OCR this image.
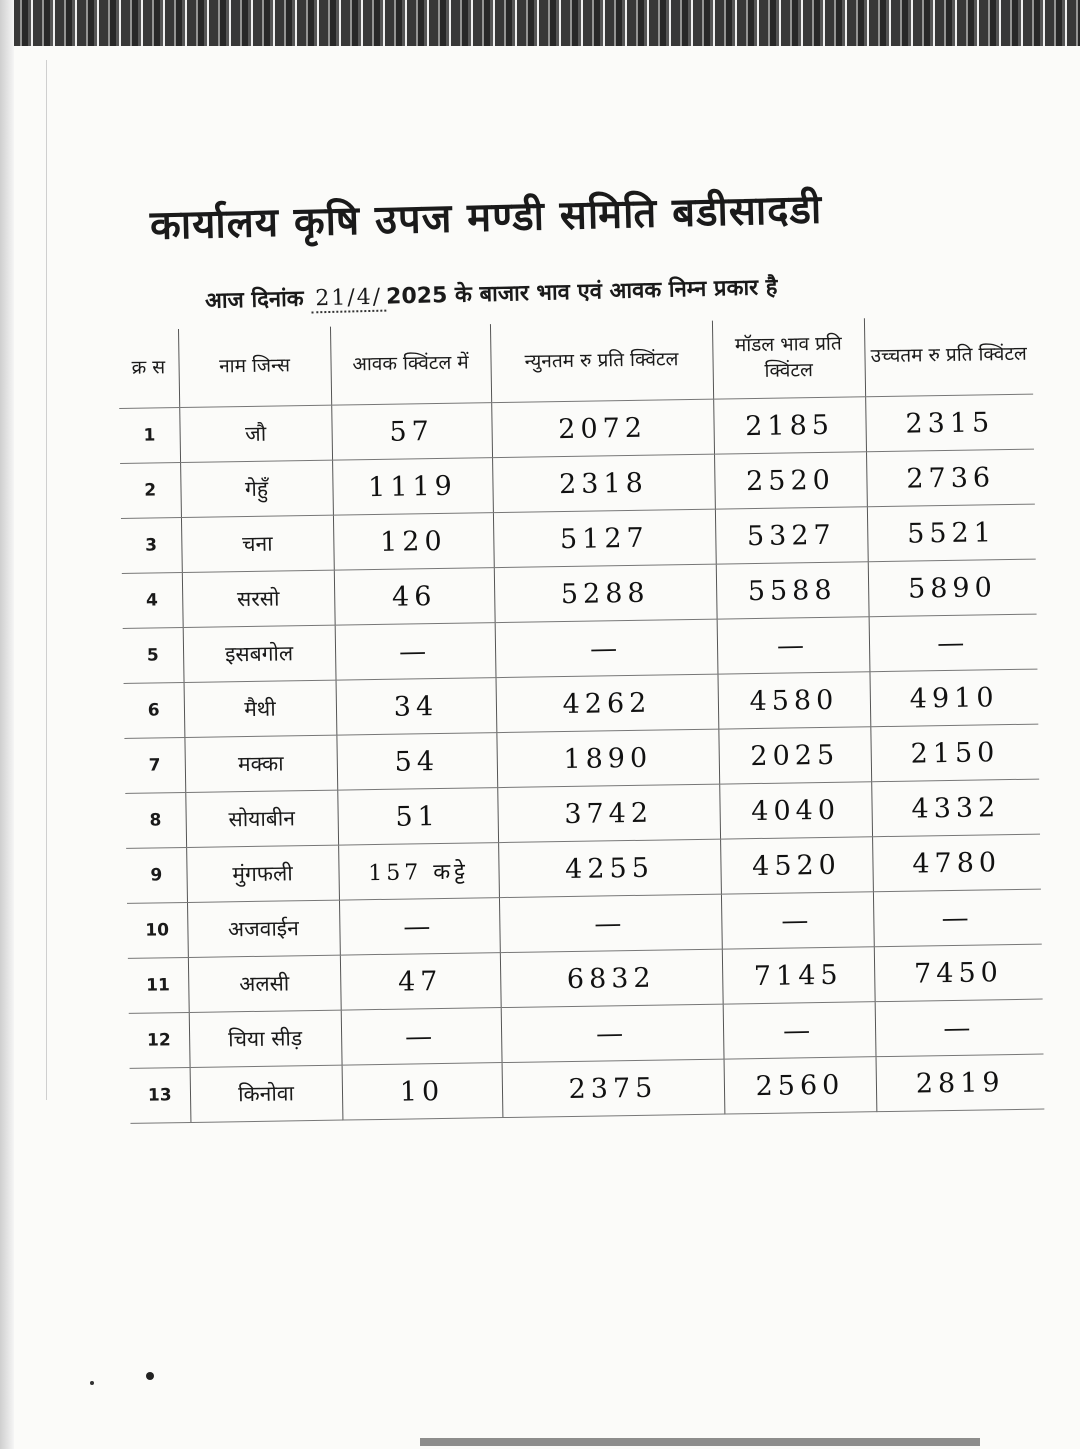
कार्यालय कृषि उपज मण्डी समिति बडीसादडी
आज दिनांक 21/4/ 2025 के बाजार भाव एवं आवक निम्न प्रकार है
क्र स	नाम जिन्स	आवक क्विंटल में	न्युनतम रु प्रति क्विंटल	मॉडल भाव प्रति क्विंटल	उच्चतम रु प्रति क्विंटल
1	जौ	57	2072	2185	2315
2	गेहुँ	1119	2318	2520	2736
3	चना	120	5127	5327	5521
4	सरसो	46	5288	5588	5890
5	इसबगोल	—	—	—	—
6	मैथी	34	4262	4580	4910
7	मक्का	54	1890	2025	2150
8	सोयाबीन	51	3742	4040	4332
9	मुंगफली	157 कट्टे	4255	4520	4780
10	अजवाईन	—	—	—	—
11	अलसी	47	6832	7145	7450
12	चिया सीड़	—	—	—	—
13	किनोवा	10	2375	2560	2819
